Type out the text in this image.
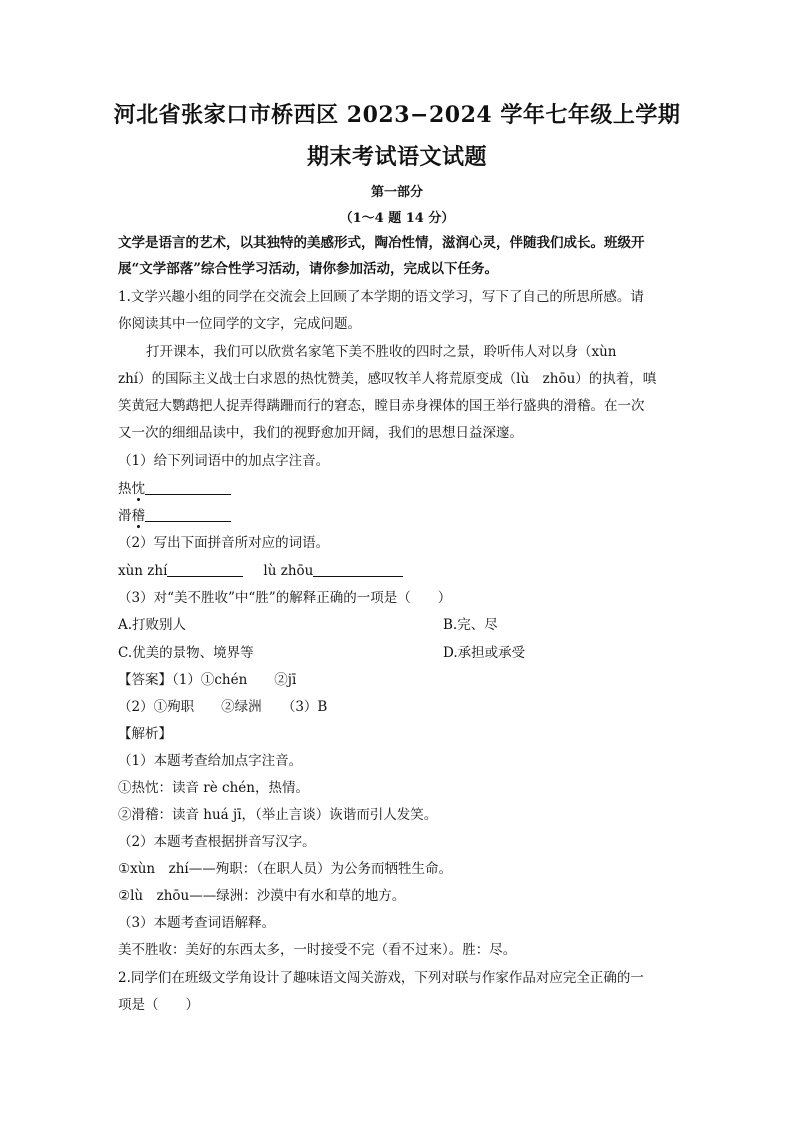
河北省张家口市桥西区 2023−2024 学年七年级上学期
期末考试语文试题
第一部分
（1～4 题 14 分）
文学是语言的艺术，以其独特的美感形式，陶冶性情，滋润心灵，伴随我们成长。班级开
展“文学部落”综合性学习活动，请你参加活动，完成以下任务。
1.文学兴趣小组的同学在交流会上回顾了本学期的语文学习，写下了自己的所思所感。请
你阅读其中一位同学的文字，完成问题。
打开课本，我们可以欣赏名家笔下美不胜收的四时之景，聆听伟人对以身（xùn
zhí）的国际主义战士白求恩的热忱赞美，感叹牧羊人将荒原变成（lù　zhōu）的执着，嗔
笑黄冠大鹦鹉把人捉弄得蹒跚而行的窘态，瞠目赤身裸体的国王举行盛典的滑稽。在一次
又一次的细细品读中，我们的视野愈加开阔，我们的思想日益深邃。
（1）给下列词语中的加点字注音。
热忱
滑稽
（2）写出下面拼音所对应的词语。
xùn zhí	lù zhōu
（3）对“美不胜收”中“胜”的解释正确的一项是（　　）
A.打败别人	B.完、尽
C.优美的景物、境界等	D.承担或承受
【答案】（1）①chén　　②jī
（2）①殉职　　②绿洲　　（3）B
【解析】
（1）本题考查给加点字注音。
①热忱：读音 rè chén，热情。
②滑稽：读音 huá jī，（举止言谈）诙谐而引人发笑。
（2）本题考查根据拼音写汉字。
①xùn　zhí——殉职：（在职人员）为公务而牺牲生命。
②lù　zhōu——绿洲：沙漠中有水和草的地方。
（3）本题考查词语解释。
美不胜收：美好的东西太多，一时接受不完（看不过来）。胜：尽。
2.同学们在班级文学角设计了趣味语文闯关游戏，下列对联与作家作品对应完全正确的一
项是（　　）
